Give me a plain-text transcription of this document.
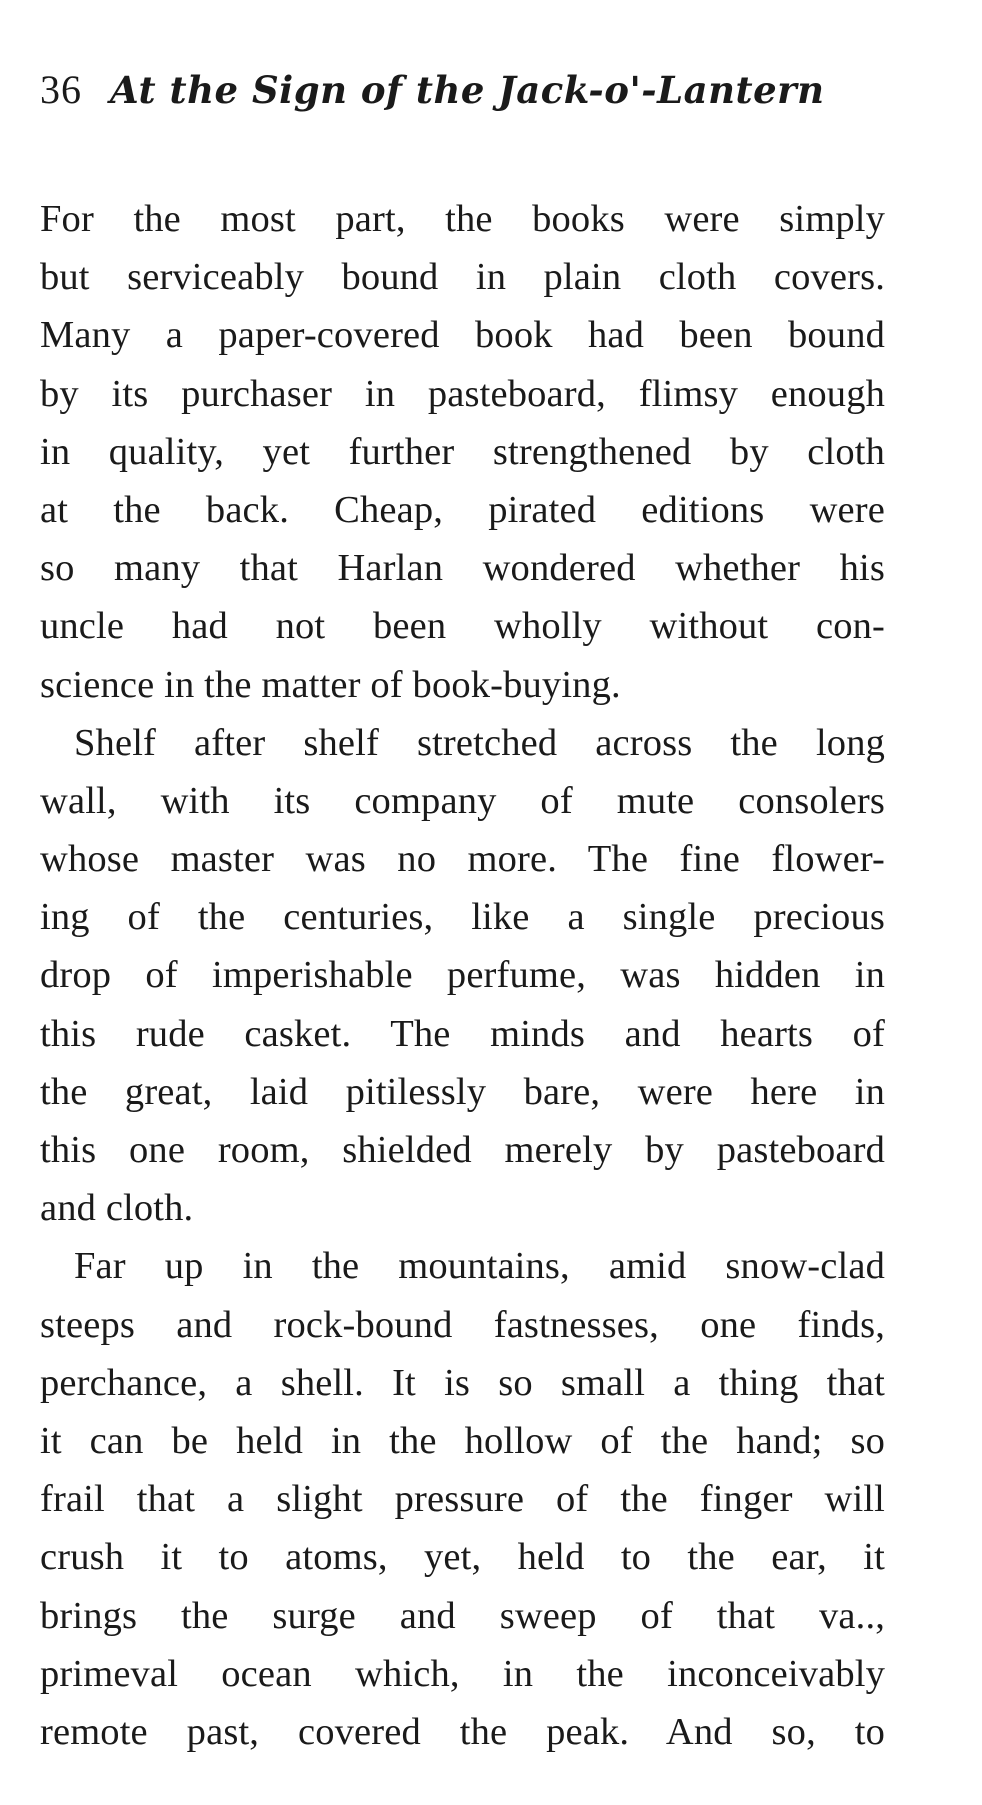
36 At the Sign of the Jack-o'-Lantern

For the most part, the books were simply
but serviceably bound in plain cloth covers.
Many a paper-covered book had been bound
by its purchaser in pasteboard, flimsy enough
in quality, yet further strengthened by cloth
at the back. Cheap, pirated editions were
so many that Harlan wondered whether his
uncle had not been wholly without con-
science in the matter of book-buying.

Shelf after shelf stretched across the long
wall, with its company of mute consolers
whose master was no more. The fine flower-
ing of the centuries, like a single precious
drop of imperishable perfume, was hidden in
this rude casket. The minds and hearts of
the great, laid pitilessly bare, were here in
this one room, shielded merely by pasteboard
and cloth.

Far up in the mountains, amid snow-clad
steeps and rock-bound fastnesses, one finds,
perchance, a shell. It is so small a thing that
it can be held in the hollow of the hand; so
frail that a slight pressure of the finger will
crush it to atoms, yet, held to the ear, it
brings the surge and sweep of that va..,
primeval ocean which, in the inconceivably
remote past, covered the peak. And so, to
